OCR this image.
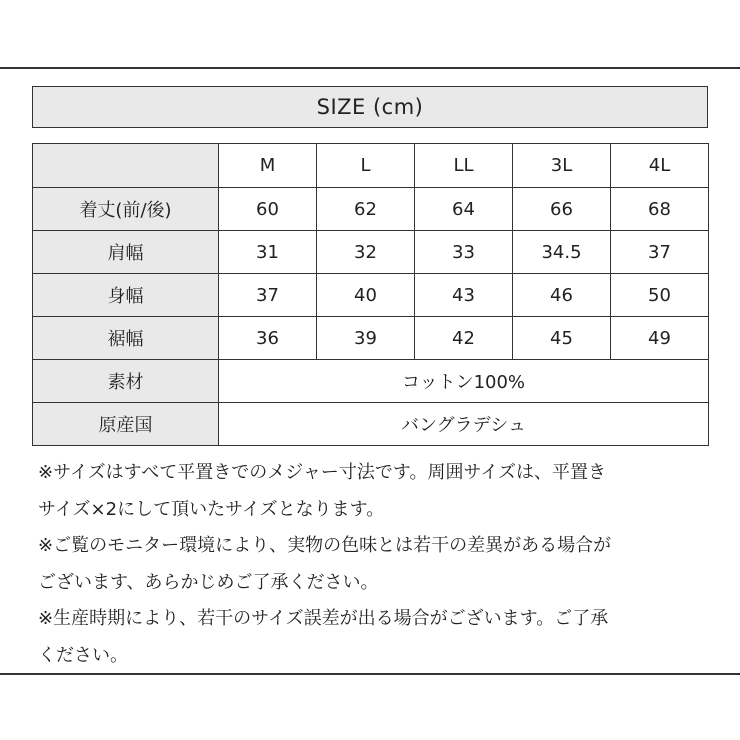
SIZE (cm)
	M	L	LL	3L	4L
着丈(前/後)	60	62	64	66	68
肩幅	31	32	33	34.5	37
身幅	37	40	43	46	50
裾幅	36	39	42	45	49
素材	コットン100%				
原産国	バングラデシュ				
※サイズはすべて平置きでのメジャー寸法です。周囲サイズは、平置き
サイズ×2にして頂いたサイズとなります。
※ご覧のモニター環境により、実物の色味とは若干の差異がある場合が
ございます、あらかじめご了承ください。
※生産時期により、若干のサイズ誤差が出る場合がございます。ご了承
ください。
